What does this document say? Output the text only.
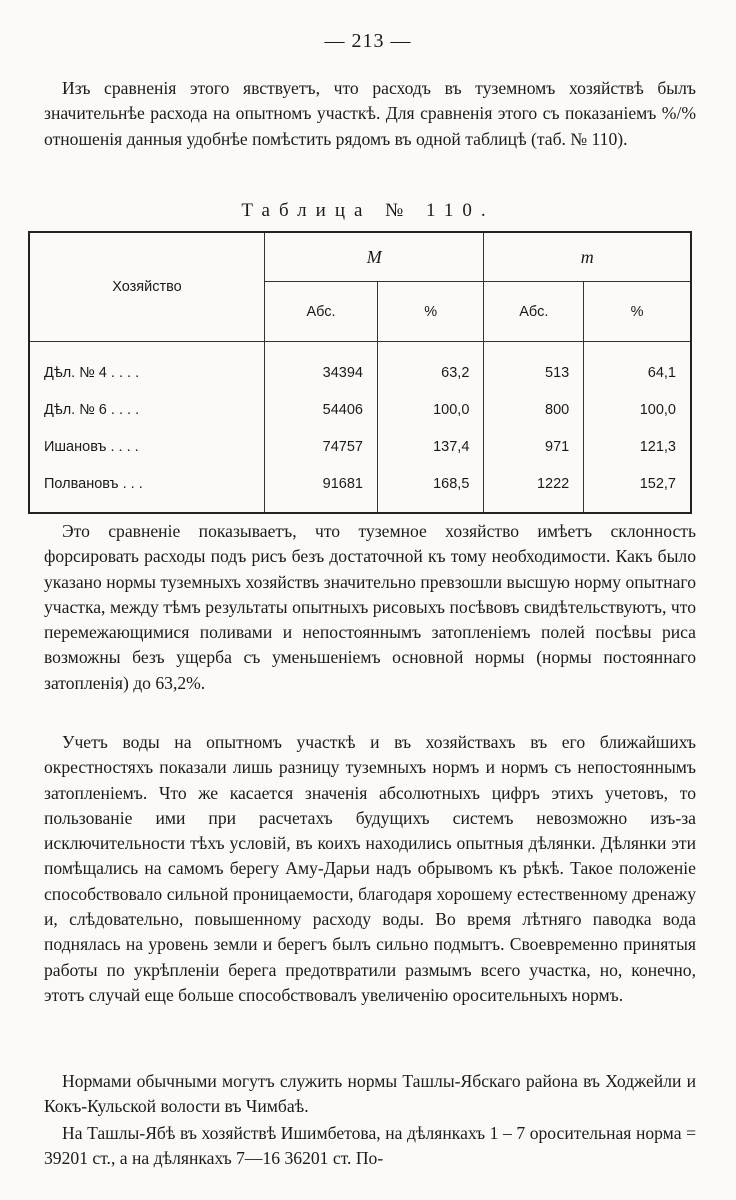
— 213 —

Изъ сравненія этого явствуетъ, что расходъ въ туземномъ хозяйствѣ былъ значительнѣе расхода на опытномъ участкѣ. Для сравненія этого съ показаніемъ %/% отношенія данныя удобнѣе помѣстить рядомъ въ одной таблицѣ (таб. № 110).

Таблица № 110.
Хозяйство	M		m	
	Абс.	%	Абс.	%
Дѣл. № 4 . . . .	34394	63,2	513	64,1
Дѣл. № 6 . . . .	54406	100,0	800	100,0
Ишановъ . . . .	74757	137,4	971	121,3
Полвановъ . . .	91681	168,5	1222	152,7

Это сравненіе показываетъ, что туземное хозяйство имѣетъ склонность форсировать расходы подъ рисъ безъ достаточной къ тому необходимости. Какъ было указано нормы туземныхъ хозяйствъ значительно превзошли высшую норму опытнаго участка, между тѣмъ результаты опытныхъ рисовыхъ посѣвовъ свидѣтельствуютъ, что перемежающимися поливами и непостояннымъ затопленіемъ полей посѣвы риса возможны безъ ущерба съ уменьшеніемъ основной нормы (нормы постояннаго затопленія) до 63,2%.

Учетъ воды на опытномъ участкѣ и въ хозяйствахъ въ его ближайшихъ окрестностяхъ показали лишь разницу туземныхъ нормъ и нормъ съ непостояннымъ затопленіемъ. Что же касается значенія абсолютныхъ цифръ этихъ учетовъ, то пользованіе ими при расчетахъ будущихъ системъ невозможно изъ-за исключительности тѣхъ условій, въ коихъ находились опытныя дѣлянки. Дѣлянки эти помѣщались на самомъ берегу Аму-Дарьи надъ обрывомъ къ рѣкѣ. Такое положеніе способствовало сильной проницаемости, благодаря хорошему естественному дренажу и, слѣдовательно, повышенному расходу воды. Во время лѣтняго паводка вода поднялась на уровень земли и берегъ былъ сильно подмытъ. Своевременно принятыя работы по укрѣпленіи берега предотвратили размымъ всего участка, но, конечно, этотъ случай еще больше способствовалъ увеличенію оросительныхъ нормъ.

Нормами обычными могутъ служить нормы Ташлы-Ябскаго района въ Ходжейли и Кокъ-Кульской волости въ Чимбаѣ.

На Ташлы-Ябѣ въ хозяйствѣ Ишимбетова, на дѣлянкахъ 1 – 7 оросительная норма = 39201 ст., а на дѣлянкахъ 7—16 36201 ст. По-
